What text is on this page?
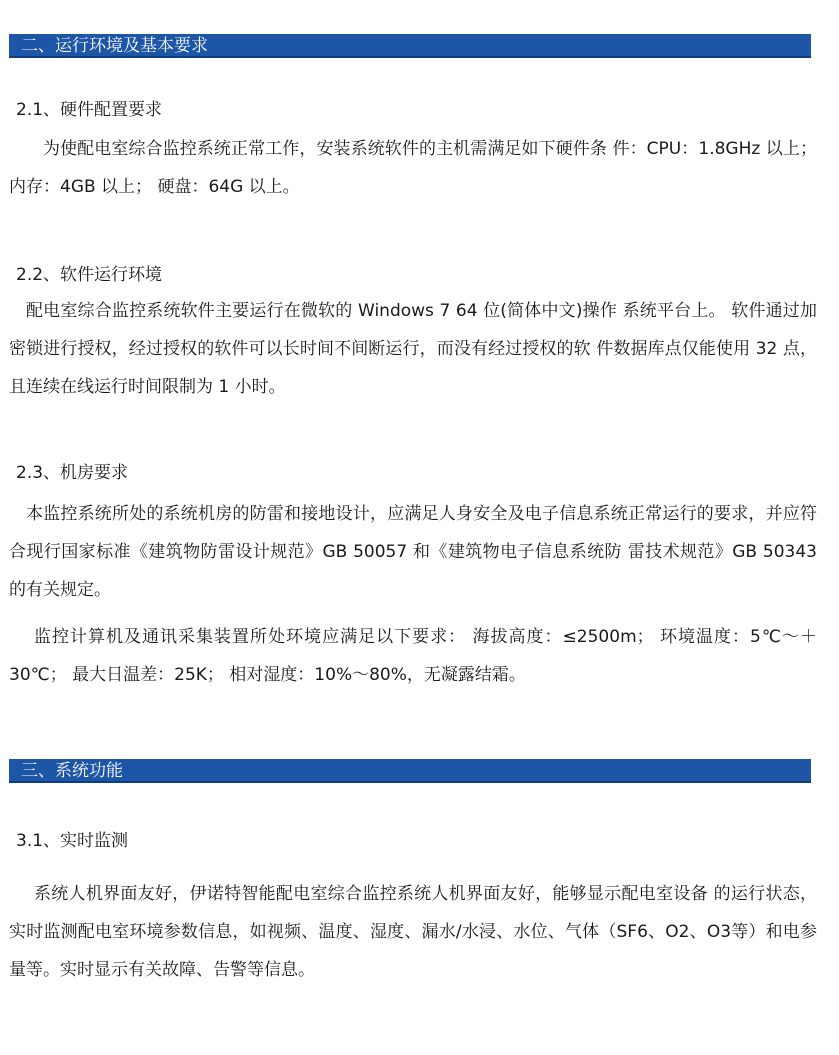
二、运行环境及基本要求
2.1、硬件配置要求

为使配电室综合监控系统正常工作，安装系统软件的主机需满足如下硬件条 件：CPU：1.8GHz 以上； 内存：4GB 以上； 硬盘：64G 以上。

2.2、软件运行环境

配电室综合监控系统软件主要运行在微软的 Windows 7 64 位(简体中文)操作 系统平台上。 软件通过加密锁进行授权，经过授权的软件可以长时间不间断运行，而没有经过授权的软 件数据库点仅能使用 32 点，且连续在线运行时间限制为 1 小时。

2.3、机房要求

本监控系统所处的系统机房的防雷和接地设计，应满足人身安全及电子信息系统正常运行的要求，并应符合现行国家标准《建筑物防雷设计规范》GB 50057 和《建筑物电子信息系统防 雷技术规范》GB 50343 的有关规定。

监控计算机及通讯采集装置所处环境应满足以下要求： 海拔高度：≤2500m； 环境温度：5℃～＋30℃； 最大日温差：25K； 相对湿度：10%～80%，无凝露结霜。

三、系统功能
3.1、实时监测

系统人机界面友好，伊诺特智能配电室综合监控系统人机界面友好，能够显示配电室设备 的运行状态，实时监测配电室环境参数信息，如视频、温度、湿度、漏水/水浸、水位、气体（SF6、O2、O3等）和电参量等。实时显示有关故障、告警等信息。
